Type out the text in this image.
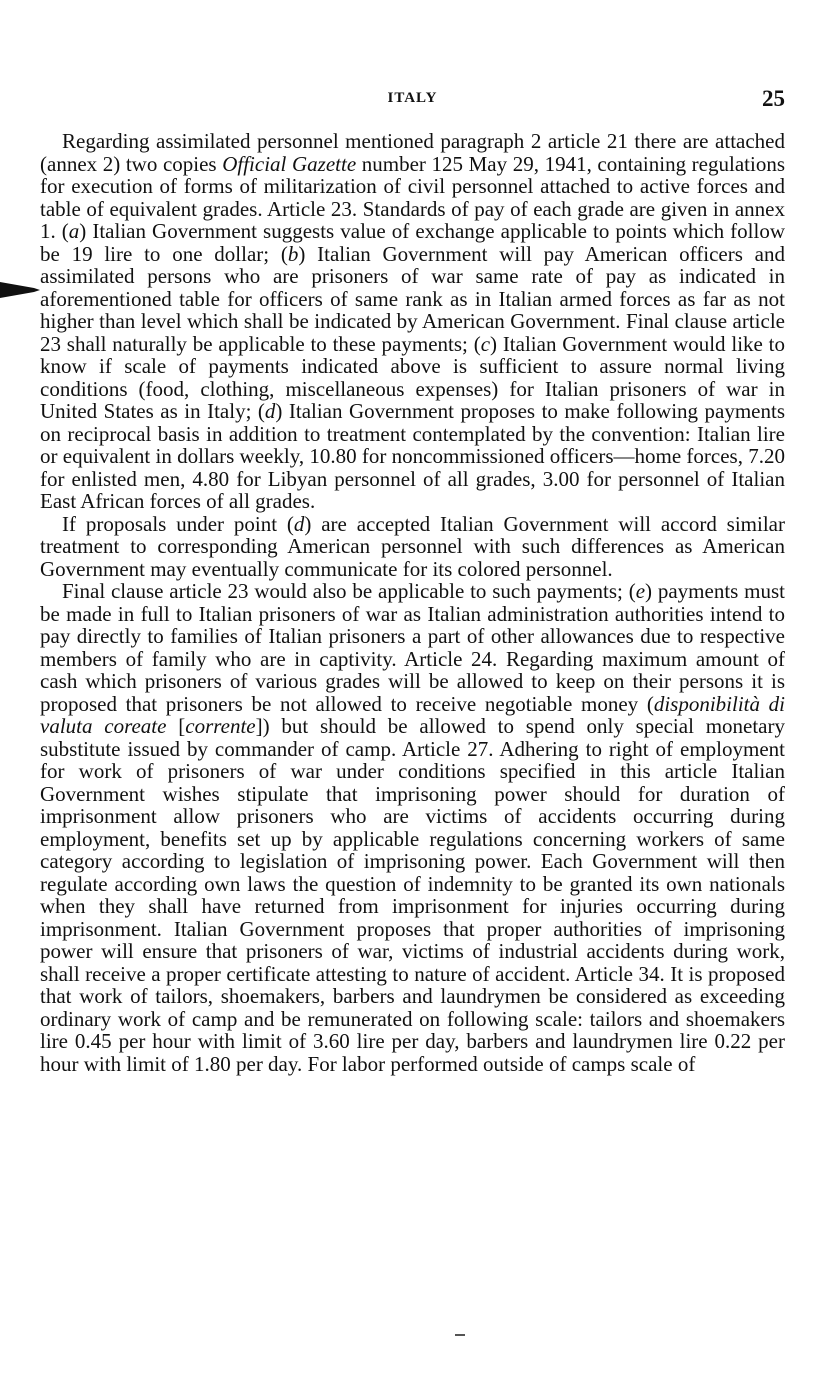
ITALY	25

Regarding assimilated personnel mentioned paragraph 2 article 21 there are attached (annex 2) two copies Official Gazette number 125 May 29, 1941, containing regulations for execution of forms of militarization of civil personnel attached to active forces and table of equivalent grades. Article 23. Standards of pay of each grade are given in annex 1. (a) Italian Government suggests value of exchange applicable to points which follow be 19 lire to one dollar; (b) Italian Government will pay American officers and assimilated persons who are prisoners of war same rate of pay as indicated in aforementioned table for officers of same rank as in Italian armed forces as far as not higher than level which shall be indicated by American Government. Final clause article 23 shall naturally be applicable to these payments; (c) Italian Government would like to know if scale of payments indicated above is sufficient to assure normal living conditions (food, clothing, miscellaneous expenses) for Italian prisoners of war in United States as in Italy; (d) Italian Government proposes to make following payments on reciprocal basis in addition to treatment contemplated by the convention: Italian lire or equivalent in dollars weekly, 10.80 for noncommissioned officers—home forces, 7.20 for enlisted men, 4.80 for Libyan personnel of all grades, 3.00 for personnel of Italian East African forces of all grades.

If proposals under point (d) are accepted Italian Government will accord similar treatment to corresponding American personnel with such differences as American Government may eventually communicate for its colored personnel.

Final clause article 23 would also be applicable to such payments; (e) payments must be made in full to Italian prisoners of war as Italian administration authorities intend to pay directly to families of Italian prisoners a part of other allowances due to respective members of family who are in captivity. Article 24. Regarding maximum amount of cash which prisoners of various grades will be allowed to keep on their persons it is proposed that prisoners be not allowed to receive negotiable money (disponibilità di valuta coreate [corrente]) but should be allowed to spend only special monetary substitute issued by commander of camp. Article 27. Adhering to right of employment for work of prisoners of war under conditions specified in this article Italian Government wishes stipulate that imprisoning power should for duration of imprisonment allow prisoners who are victims of accidents occurring during employment, benefits set up by applicable regulations concerning workers of same category according to legislation of imprisoning power. Each Government will then regulate according own laws the question of indemnity to be granted its own nationals when they shall have returned from imprisonment for injuries occurring during imprisonment. Italian Government proposes that proper authorities of imprisoning power will ensure that prisoners of war, victims of industrial accidents during work, shall receive a proper certificate attesting to nature of accident. Article 34. It is proposed that work of tailors, shoemakers, barbers and laundrymen be considered as exceeding ordinary work of camp and be remunerated on following scale: tailors and shoemakers lire 0.45 per hour with limit of 3.60 lire per day, barbers and laundrymen lire 0.22 per hour with limit of 1.80 per day. For labor performed outside of camps scale of
